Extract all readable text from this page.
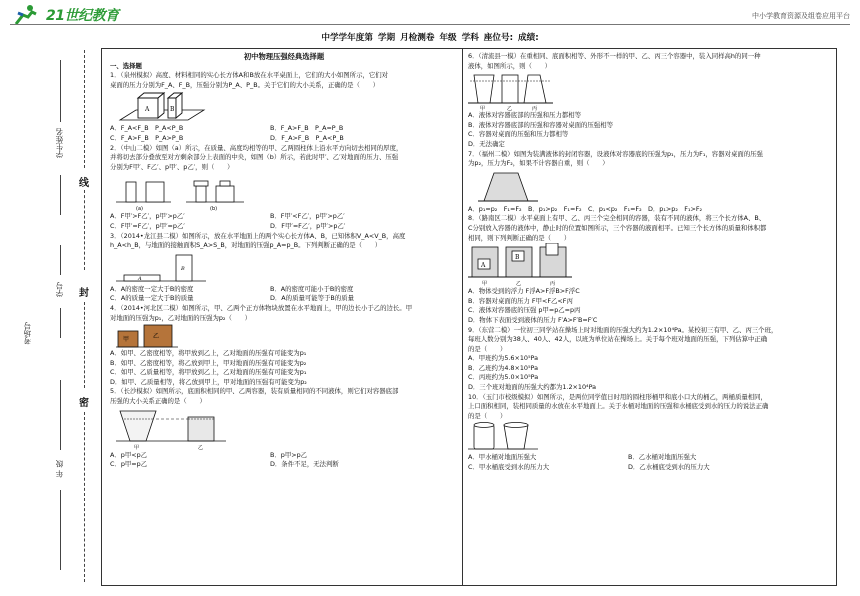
21世纪教育	中小学教育资源及组卷应用平台
中学学年度第 学期 月检测卷 年级 学科 座位号: 成绩:
学生姓名
学号
考场号
年 级
线
封
密
初中物理压强经典选择题
一、选择题
1．（泉州模拟）高度、材料相同的实心长方体A和B放在水平桌面上，它们的大小如图所示，它们对
桌面的压力分别为F_A、F_B，压强分别为P_A、P_B。关于它们的大小关系，正确的是（　　）
A	B
A．F_A<F_B　P_A<P_B	B．F_A>F_B　P_A=P_B
C．F_A>F_B　P_A>P_B	D．F_A>F_B　P_A<P_B
2．（中山二模）如图（a）所示，在质量、高度均相等的甲、乙两圆柱体上沿水平方向切去相同的厚度，
并将切去部分叠放至对方剩余部分上表面的中央，如图（b）所示，若此时甲′、乙′对地面的压力、压强
分别为F甲′、F乙′、p甲′、p乙′，则（　　）
(a)	(b)
A．F甲′>F乙′，p甲′>p乙′	B．F甲′<F乙′，p甲′>p乙′
C．F甲′=F乙′，p甲′=p乙′	D．F甲′=F乙′，p甲′>p乙′
3．（2014•龙江县二模）如图所示，放在水平地面上的两个实心长方体A、B，已知体积V_A<V_B，高度
h_A<h_B，与地面的接触面积S_A>S_B，对地面的压强p_A=p_B。下列判断正确的是（　　）
A
B
A．A的密度一定大于B的密度	B．A的密度可能小于B的密度
C．A的质量一定大于B的质量	D．A的质量可能等于B的质量
4．（2014•河北区二模）如图所示，甲、乙两个正方体物块放置在水平地面上，甲的边长小于乙的边长。甲
对地面的压强为p₁，乙对地面的压强为p₂（　　）
甲	乙
A．如甲、乙密度相等，将甲放到乙上，乙对地面的压强有可能变为p₁
B．如甲、乙密度相等，将乙放到甲上，甲对地面的压强有可能变为p₂
C．如甲、乙质量相等，将甲放到乙上，乙对地面的压强有可能变为p₁
D．如甲、乙质量相等，将乙放到甲上，甲对地面的压强有可能变为p₂
5．（长沙模拟）如图所示，底面积相同的甲、乙两容器，装有质量相同的不同液体，则它们对容器底部
压强的大小关系正确的是（　　）
甲	乙
A．p甲<p乙	B．p甲>p乙
C．p甲=p乙	D．条件不足，无法判断
6．（清流县一模）在重相同、底面积相等、外形不一样的甲、乙、丙三个容器中，装入同样高h的同一种
液体，如图所示，则（　　）
甲	乙	丙
A．液体对容器底部的压强和压力都相等
B．液体对容器底部的压强和容器对桌面的压强相等
C．容器对桌面的压强和压力都相等
D．无法确定
7．（福州二模）如图为装满液体的封闭容器，设液体对容器底的压强为p₁，压力为F₁，容器对桌面的压强
为p₂，压力为F₂，如果不计容器自重，则（　　）
A．p₁=p₂　F₁=F₂	B．p₁>p₂　F₁=F₂	C．p₁<p₂　F₁=F₂ D．p₁>p₂　F₁>F₂
8．（路南区二模）水平桌面上有甲、乙、丙三个完全相同的容器，装有不同的液体，将三个长方体A、B、
C分别放入容器的液体中，静止时的位置如图所示，三个容器的液面相平。已知三个长方体的质量和体积都
相同，则下列判断正确的是（　　）
A
B
甲	乙	丙
A．物体受到的浮力 F浮A>F浮B>F浮C
B．容器对桌面的压力 F甲<F乙<F丙
C．液体对容器底的压强 p甲=p乙=p丙
D．物体下表面受到液体的压力 F′A>F′B=F′C
9．（东营二模）一位初三同学站在操场上时对地面的压强大约为1.2×10⁴Pa。某校初三有甲、乙、丙三个班，
每班人数分别为38人、40人、42人，以班为单位站在操场上。关于每个班对地面的压强，下列估算中正确
的是（　　）
A．甲班约为5.6×10⁵Pa
B．乙班约为4.8×10⁵Pa
C．丙班约为5.0×10⁵Pa
D．三个班对地面的压强大约都为1.2×10⁴Pa
10．（玉门市校级模拟）如图所示，是两位同学值日时用的圆柱形桶甲和底小口大的桶乙，两桶质量相同，
上口面积相同，装相同质量的水放在水平地面上。关于水桶对地面的压强和水桶底受到水的压力的说法正确
的是（　　）
A．甲水桶对地面压强大	B．乙水桶对地面压强大
C．甲水桶底受到水的压力大	D．乙水桶底受到水的压力大
